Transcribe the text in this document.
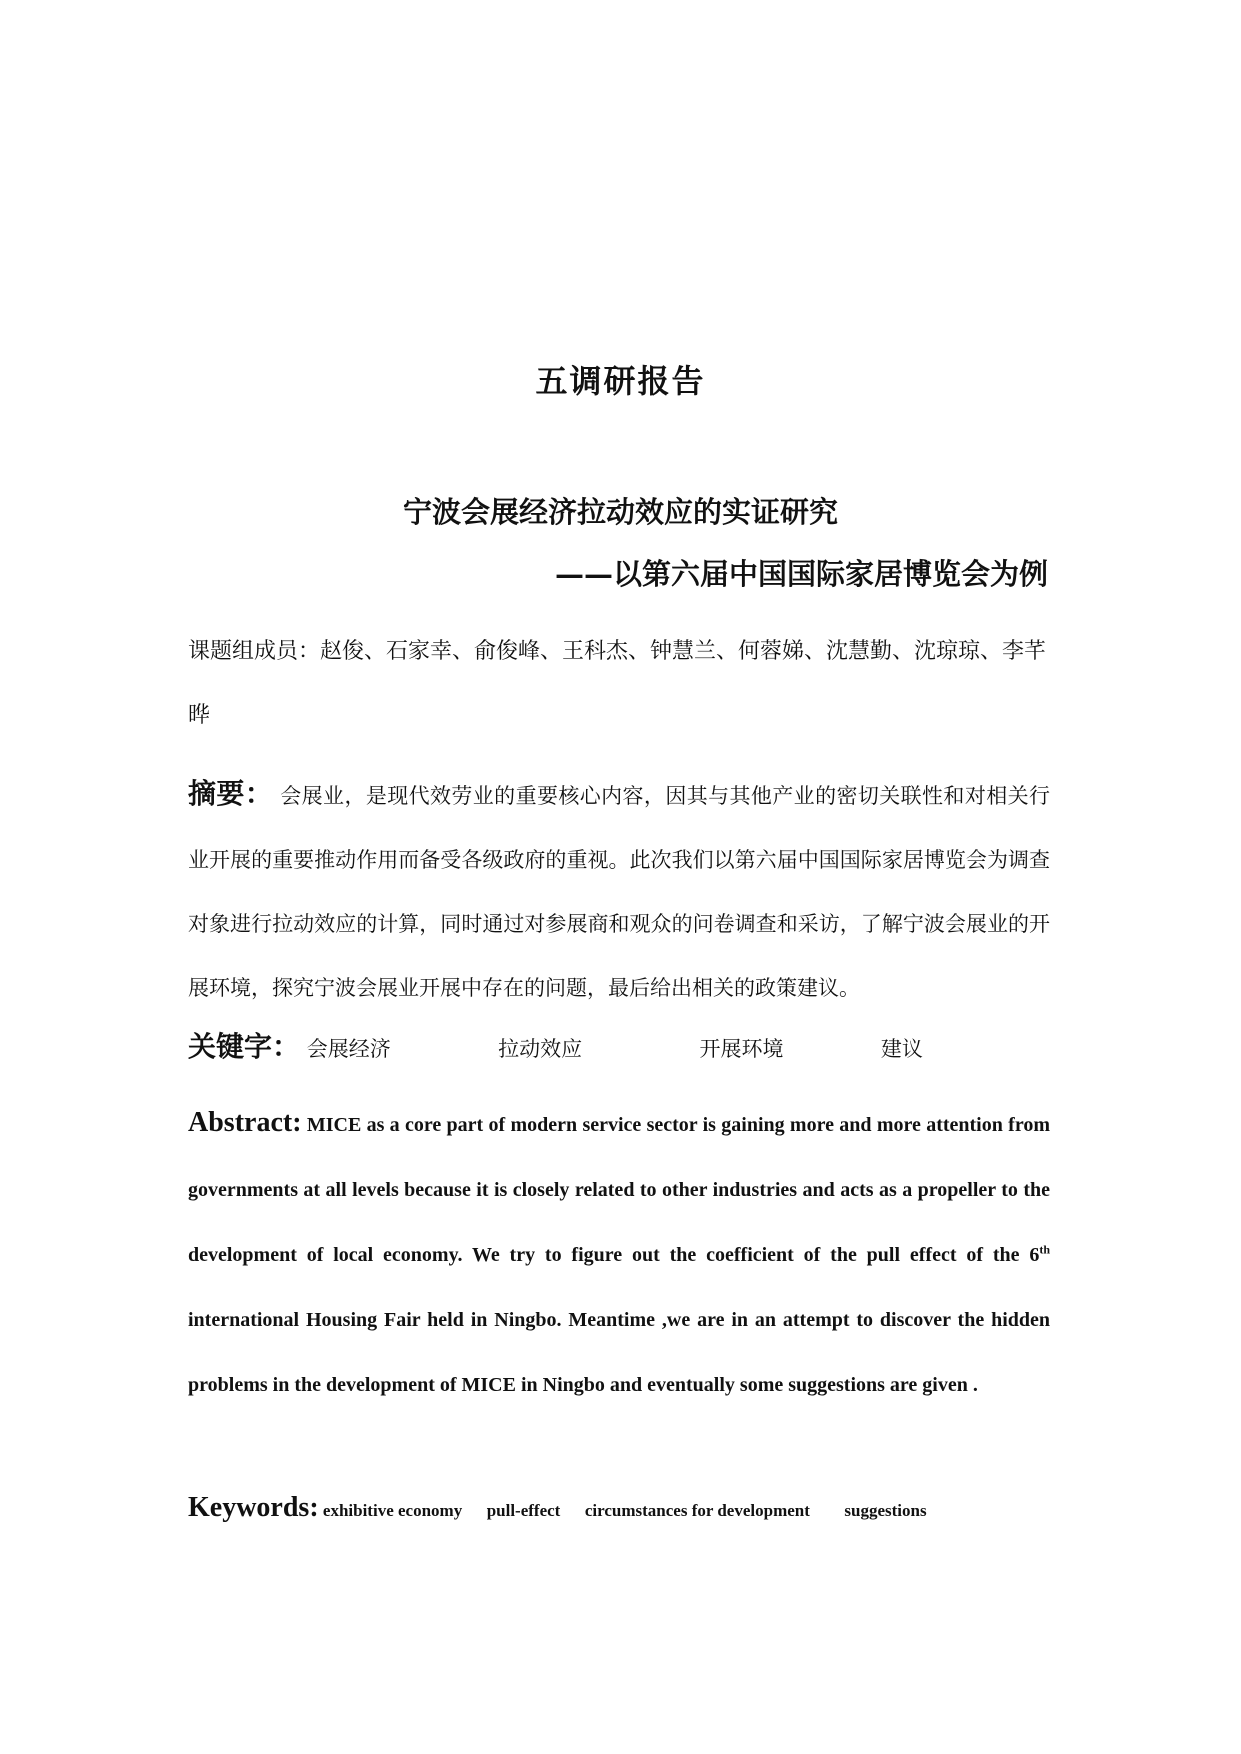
五调研报告
宁波会展经济拉动效应的实证研究
——以第六届中国国际家居博览会为例
课题组成员：赵俊、石家幸、俞俊峰、王科杰、钟慧兰、何蓉娣、沈慧勤、沈琼琼、李芊晔
摘要： 会展业，是现代效劳业的重要核心内容，因其与其他产业的密切关联性和对相关行业开展的重要推动作用而备受各级政府的重视。此次我们以第六届中国国际家居博览会为调查对象进行拉动效应的计算，同时通过对参展商和观众的问卷调查和采访，了解宁波会展业的开展环境，探究宁波会展业开展中存在的问题，最后给出相关的政策建议。
关键字： 会展经济	拉动效应	开展环境	建议
Abstract: MICE as a core part of modern service sector is gaining more and more attention from governments at all levels because it is closely related to other industries and acts as a propeller to the development of local economy. We try to figure out the coefficient of the pull effect of the 6th international Housing Fair held in Ningbo. Meantime ,we are in an attempt to discover the hidden problems in the development of MICE in Ningbo and eventually some suggestions are given .
Keywords: exhibitive economy pull-effect circumstances for development suggestions
